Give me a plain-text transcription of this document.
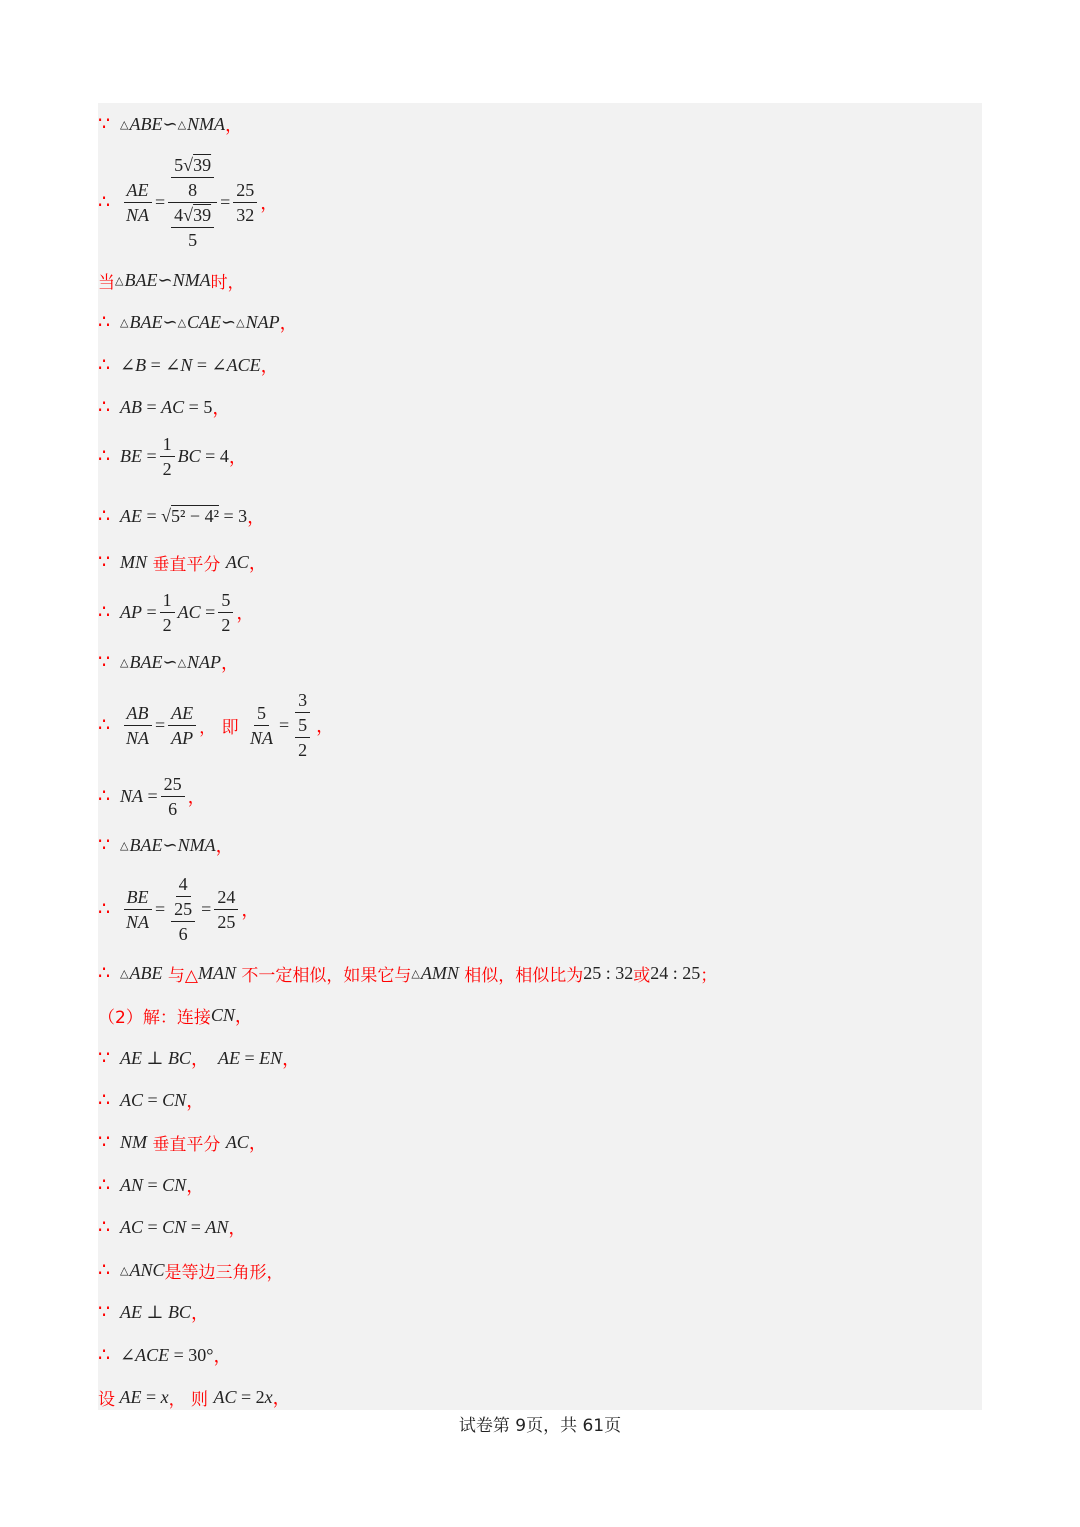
∵ △ ABE ∽ △ NMA ，
∴ $\frac{AE}{NA} = \frac{\frac{5√39}{8}}{\frac{4√39}{5}} = \frac{25}{32}$ ，
当 △ BAE ∽ NMA 时，
∴ △ BAE ∽ △ CAE ∽ △ NAP ，
∴ ∠ B = ∠ N = ∠ ACE ，
∴ AB = AC = 5 ，
∴ BE = $\frac{1}{2}$ BC = 4 ，
∴ AE = √5² − 4² = 3 ，
∵ MN 垂直平分 AC ，
∴ AP = $\frac{1}{2}$ AC = $\frac{5}{2}$ ，
∵ △ BAE ∽ △ NAP ，
∴ $\frac{AB}{NA} = \frac{AE}{AP}$ ， 即 $\frac{5}{NA} = \frac{3}{\frac{5}{2}}$ ，
∴ NA = $\frac{25}{6}$ ，
∵ △ BAE ∽ NMA ，
∴ $\frac{BE}{NA} = \frac{4}{\frac{25}{6}} = \frac{24}{25}$ ，
∴ △ ABE 与△ MAN 不一定相似，如果它与 △ AMN 相似，相似比为 25 : 32 或 24 : 25 ；
（2）解：连接 CN ，
∵ AE ⊥ BC ， AE = EN ，
∴ AC = CN ，
∵ NM 垂直平分 AC ，
∴ AN = CN ，
∴ AC = CN = AN ，
∴ △ ANC 是等边三角形，
∵ AE ⊥ BC ，
∴ ∠ ACE = 30° ，
设 AE = x ， 则 AC = 2 x ，
试卷第 9页，共 61页
